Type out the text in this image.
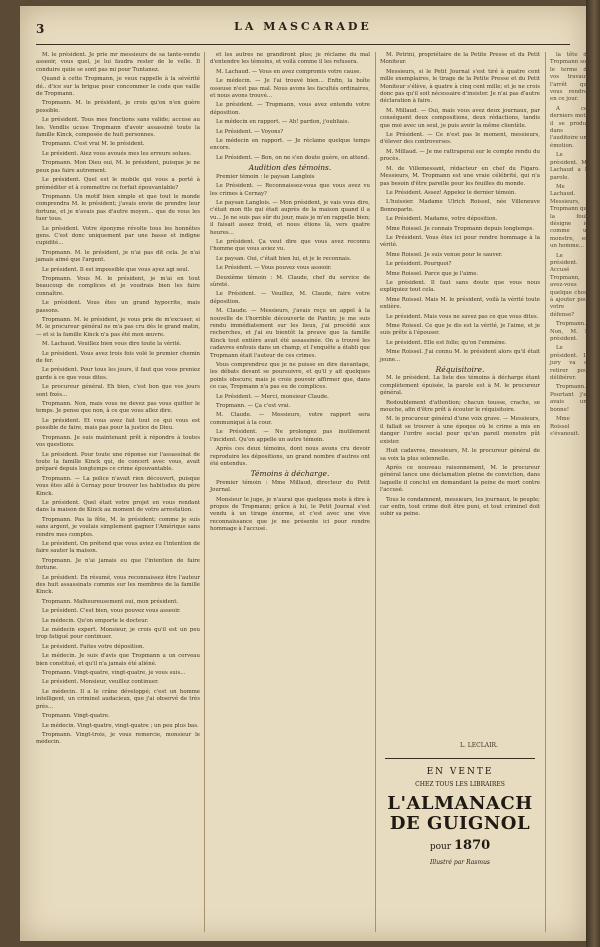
3	LA MASCARADE

M. le président. Je prie mr messieurs de sa tante-vendu asseoir, vous quel, je lui faudra rester de le velle. Il conduire quiie se sont pas mi pour Tuntanez.

Quand à cette Tropmann, je veux rappelle à la sévérité dé.. d'ice sur la brigue pour concommer le code que vaille de Tropmann.

Tropmann. M. le président, je crois qu'on n'en guère possible.

Le président. Tous mes fonctions sans valide; accuse au les. Vendlis ucuse Tropmann d'avoir assassiné toute la famille Kinck, composée de huit personnes.

Tropmann. C'est vrai M. le président.

Le président. Aiez vous avoués mes les erreurs solues.

Tropmann. Mon Dieu oui, M. le président, puisque je ne peux pas faire autrement.

Le président. Quel est le mobile qui vous a porté à préméditer et à commettre ce forfait épouvantable?

Tropmann. Un motif bien simple et que tout le monde comprendra M. le président; j'avais envie de prendre leur fortune, et je n'avais pas d'autre moyen... que de vous les tuer tous.

Le président. Votre éponyme révolte tous les honnêtes gens. C'est donc uniquement par une basse et indigne cupidité...

Tropmann. M. le président, je n'ai pas dit cela. Je n'ai jamais aimé que l'argent.

Le président. Il est impossible que vous ayez agi seul.

Tropmann. Vous M. le président, je m'ai en tout beaucoup de complices et je voudrais bien les faire connaître.

Le président. Vous êtes un grand hypocrite, mais passons.

Tropmann. M. le président, je vous prie de m'excuser, si M. le procureur général ne m'a pas cru dès le grand matin, — et si la famille Kinck n'a pas été mon œuvre.

M. Lachaud. Veuillez bien vous dire toute la vérité.

Le président. Vous avez trois fois volé le premier chemin de fer.

Le président. Pour tous les jours, il faut que vous preniez garde à ce que vous dites.

Le procureur général. Eh bien, c'est bon que vos jours sont fixés...

Tropmann. Non, mais vous ne devez pas vous quitter le temps. Je pense que non, à ce que vous allez dire.

Le président. Et vous avez fait tout ce qui vous est possible de faire, mais pas pour la justice de Dieu.

Tropmann. Je suis maintenant prêt à répondre à toutes vos questions.

Le président. Pour toute une réponse sur l'assassinat de toute la famille Kinck qui, de concert avec vous, avait préparé depuis longtemps ce crime épouvantable.

Tropmann. — La police n'avait rien découvert, puisque vous êtes allé à Cernay pour trouver les habitudes du père Kinck.

Le président. Quel était votre projet en vous rendant dans la maison de Kinck au moment de votre arrestation.

Tropmann. Pas la fête, M. le président; comme je suis sans argent, je voulais simplement gagner l'Amérique sans rendre mes comptes.

Le président. On prétend que vous aviez eu l'intention de faire sauter la maison.

Tropmann. Je n'ai jamais eu que l'intention de faire fortune.

Le président. En résumé, vous reconnaissez être l'auteur des huit assassinats commis sur les membres de la famille Kinck.

Tropmann. Malheureusement oui, mon président.

Le président. C'est bien, vous pouvez vous asseoir.

Le médecin. Qu'on emporte le docteur.

Le médecin expert. Monsieur, je crois qu'il est un peu trop fatigué pour continuer.

Le président. Faites votre déposition.

Le médecin. Je suis d'avis que Tropmann a un cerveau bien constitué, et qu'il n'a jamais été aliéné.

Tropmann. Vingt-quatre, vingt-quatre, je vous suis...

Le président. Monsieur, veuillez continuer.

Le médecin. Il a le crâne développé; c'est un homme intelligent, un criminel audacieux, que j'ai observé de très près...

Tropmann. Vingt-quatre.

Le médecin. Vingt-quatre, vingt-quatre ; un peu plus bas.

Tropmann. Vingt-trois, je vous remercie, monsieur le médecin.

et les autres ne grandiront plus; je réclame du mal d'entendre les témoins, et voilà comme il les refusera.

M. Lachaud. — Vous en avez compromis votre cause.

Le médecin. — Je l'ai trouvé bien... Enfin, la boîte osseuse n'est pas mal. Nous avons les facultés ordinaires, et nous avons trouvé...

Le président. — Tropmann, vous avez entendu votre déposition.

Le médecin en rapport. — Ah! pardon, j'oubliais.

Le Président. — Voyons?

Le médecin en rapport. — Je réclame quelque temps encore.

Le Président. — Bon, on ne s'en doute guère, on attend.

Audition des témoins.

Premier témoin : le paysan Langlois

Le Président. — Reconnaissez-vous que vous avez vu les crimes à Cernay?

Le paysan Langlois. — Mon président, je vais vous dire, c'était mon fils qui était auprès de la maison quand il a vu... Je ne suis pas sûr du jour, mais je m'en rappelle bien; il faisait assez froid, et nous étions là, vers quatre heures...

Le président. Ça veut dire que vous avez reconnu l'homme que vous aviez vu.

Le paysan. Oui, c'était bien lui, et je le reconnais.

Le Président. — Vous pouvez vous asseoir.

Deuxième témoin : M. Claude, chef du service de sûreté.

Le Président. — Veuillez, M. Claude, faire votre déposition.

M. Claude. — Messieurs, j'avais reçu un appel à la nouvelle de l'horrible découverte de Pantin; je me suis rendu immédiatement sur les lieux, j'ai procédé aux recherches, et j'ai eu bientôt la preuve que la famille Kinck tout entière avait été assassinée. On a trouvé les cadavres enfouis dans un champ, et l'enquête a établi que Tropmann était l'auteur de ces crimes.

Vous comprendrez que je ne puisse en dire davantage, les débats devant se poursuivre, et qu'il y ait quelques points obscurs; mais je crois pouvoir affirmer que, dans ce cas, Tropmann n'a pas eu de complices.

Le Président. — Merci, monsieur Claude.

Tropmann. — Ça c'est vrai.

M. Claude. — Messieurs, votre rapport sera communiqué à la cour.

Le Président. — Ne prolongez pas inutilement l'incident. Qu'on appelle un autre témoin.

Après ces deux témoins, dont nous avons cru devoir reproduire les dépositions, un grand nombre d'autres ont été entendus.

Témoins à décharge.

Premier témoin : Mme Millaud, directeur du Petit Journal.

Monsieur le juge, je n'aurai que quelques mots à dire à propos de Tropmann; grâce à lui, le Petit Journal s'est vendu à un tirage énorme, et c'est avec une vive reconnaissance que je me présente ici pour rendre hommage à l'accusé.

M. Petrini, propriétaire de la Petite Presse et du Petit Moniteur.

Messieurs, si le Petit Journal s'est tiré à quatre cent mille exemplaires, le tirage de la Petite Presse et du Petit Moniteur s'élève, à quatre à cinq cent mille; et je ne crois donc pas qu'il soit nécessaire d'insister. Je n'ai pas d'autre déclaration à faire.

M. Millaud. — Oui, mais vous avez deux journaux, par conséquent deux compositions, deux rédactions, tandis que moi avec un seul, je puis avoir la même clientèle.

Le Président. — Ce n'est pas le moment, messieurs, d'élever des controverses.

M. Millaud. — Je me rattraperai sur le compte rendu du procès.

M. de Villemessant, rédacteur en chef du Figaro. Messieurs, M. Tropmann est une vraie célébrité, qui n'a pas besoin d'être pareille pour les feuilles du monde.

Le Président. Assez! Appelez le dernier témoin.

L'huissier. Madame Ulrich Roissel, née Villeneuve Bonnoparte.

Le Président. Madame, votre déposition.

Mme Roissel. Je connais Tropmann depuis longtemps.

Le Président. Vous êtes ici pour rendre hommage à la vérité.

Mme Roissel. Je suis venue pour le sauver.

Le président. Pourquoi?

Mme Roissel. Parce que je l'aime.

Le président. Il faut sans doute que vous nous expliquiez tout cela.

Mme Roissel. Mais M. le président, voilà la vérité toute entière.

Le président. Mais vous ne savez pas ce que vous dites.

Mme Roissel. Ce que je dis est la vérité, je l'aime, et je suis prête à l'épouser.

Le président. Elle est folle; qu'on l'emmène.

Mme Roissel. J'ai connu M. le président alors qu'il était jeune...

Réquisitoire.

M. le président. La liste des témoins à décharge étant complètement épuisée, la parole est à M. le procureur général.

Redoublement d'attention; chacun tousse, crache, se mouche, afin d'être prêt à écouter le réquisitoire.

M. le procureur général d'une voix grave. — Messieurs, il fallait se trouver à une époque où le crime a mis en danger l'ordre social pour qu'un pareil monstre pût exister.

Huit cadavres, messieurs, M. le procureur général de sa voix la plus solennelle.

Après ce nouveau raisonnement, M. le procureur général lance une déclamation pleine de conviction, dans laquelle il conclut en demandant la peine de mort contre l'accusé.

Tous le condamnent, messieurs, les journaux, le peuple; car enfin, tout crime doit être puni, et tout criminel doit subir sa peine.

la tête de Tropmann soit le terme de vos travaux, l'arrêt que vous rendrez en ce jour.

A ces derniers mots, il se produit dans l'auditoire une émotion.

Le président. Me Lachaud a la parole.

Me Lachaud. Messieurs, Tropmann que la foule désigne ici comme un monstre, est un homme...

Le président. Accusé Tropmann, avez-vous quelque chose à ajouter pour votre défense?

Tropmann. Non, M. le président.

Le président. Le jury va se retirer pour délibérer.

Tropmann. Pourtant j'en avais une bonne!

Mme Roissel s'évanouit.

EN VENTE
CHEZ TOUS LES LIBRAIRES
L'ALMANACH DE GUIGNOL
pour 1870
Illustré par Rasmus
L. LECLAIR.
